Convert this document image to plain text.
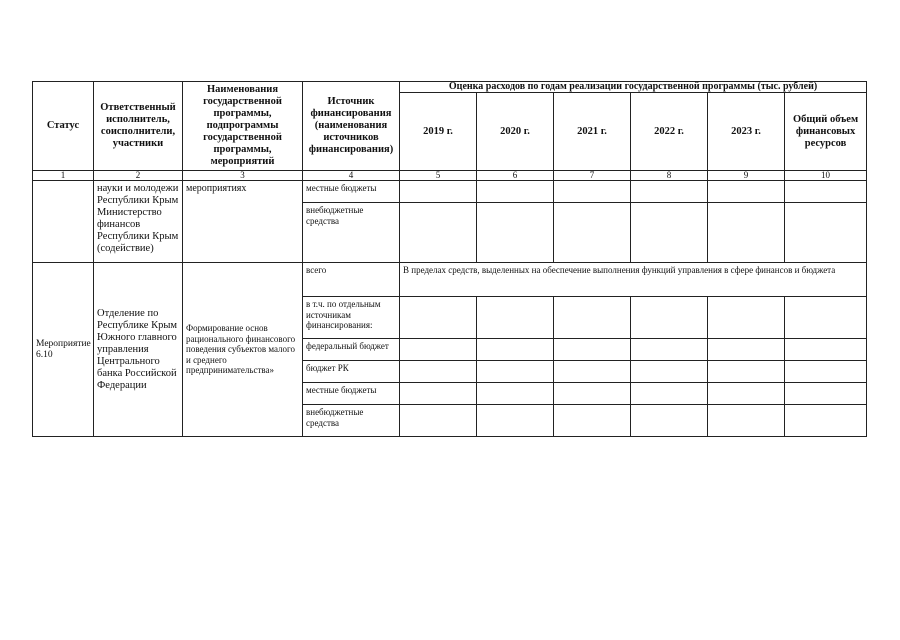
Статус	Ответственный исполнитель, соисполнители, участники	Наименования государственной программы, подпрограммы государственной программы, мероприятий	Источник финансирования (наименования источников финансирования)	Оценка расходов по годам реализации государственной программы (тыс. рублей)					
				2019 г.	2020 г.	2021 г.	2022 г.	2023 г.	Общий объем финансовых ресурсов
1	2	3	4	5	6	7	8	9	10
	науки и молодежи Республики Крым Министерство финансов Республики Крым (содействие)	мероприятиях	местные бюджеты						
			внебюджетные средства						
Мероприятие 6.10	Отделение по Республике Крым Южного главного управления Центрального банка Российской Федерации	Формирование основ рационального финансового поведения субъектов малого и среднего предпринимательства»	всего	В пределах средств, выделенных на обеспечение выполнения функций управления в сфере финансов и бюджета					
			в т.ч. по отдельным источникам финансирования:						
			федеральный бюджет						
			бюджет РК						
			местные бюджеты						
			внебюджетные средства						
